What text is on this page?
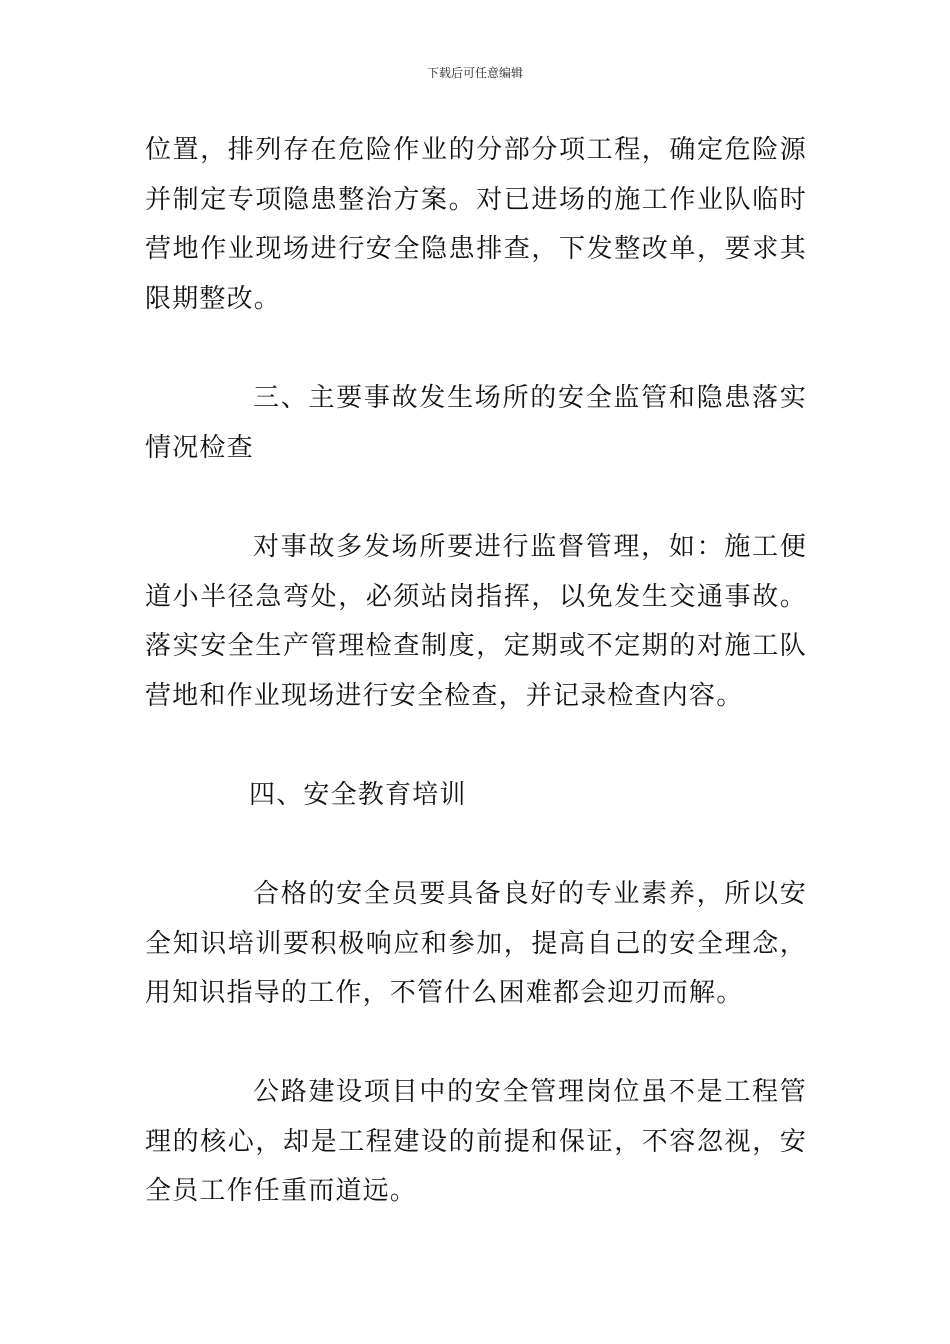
下载后可任意编辑

位置，排列存在危险作业的分部分项工程，确定危险源并制定专项隐患整治方案。对已进场的施工作业队临时营地作业现场进行安全隐患排查，下发整改单，要求其限期整改。

三、主要事故发生场所的安全监管和隐患落实情况检查

对事故多发场所要进行监督管理，如：施工便道小半径急弯处，必须站岗指挥，以免发生交通事故。落实安全生产管理检查制度，定期或不定期的对施工队营地和作业现场进行安全检查，并记录检查内容。

四、安全教育培训

合格的安全员要具备良好的专业素养，所以安全知识培训要积极响应和参加，提高自己的安全理念，用知识指导的工作，不管什么困难都会迎刃而解。

公路建设项目中的安全管理岗位虽不是工程管理的核心，却是工程建设的前提和保证，不容忽视，安全员工作任重而道远。
